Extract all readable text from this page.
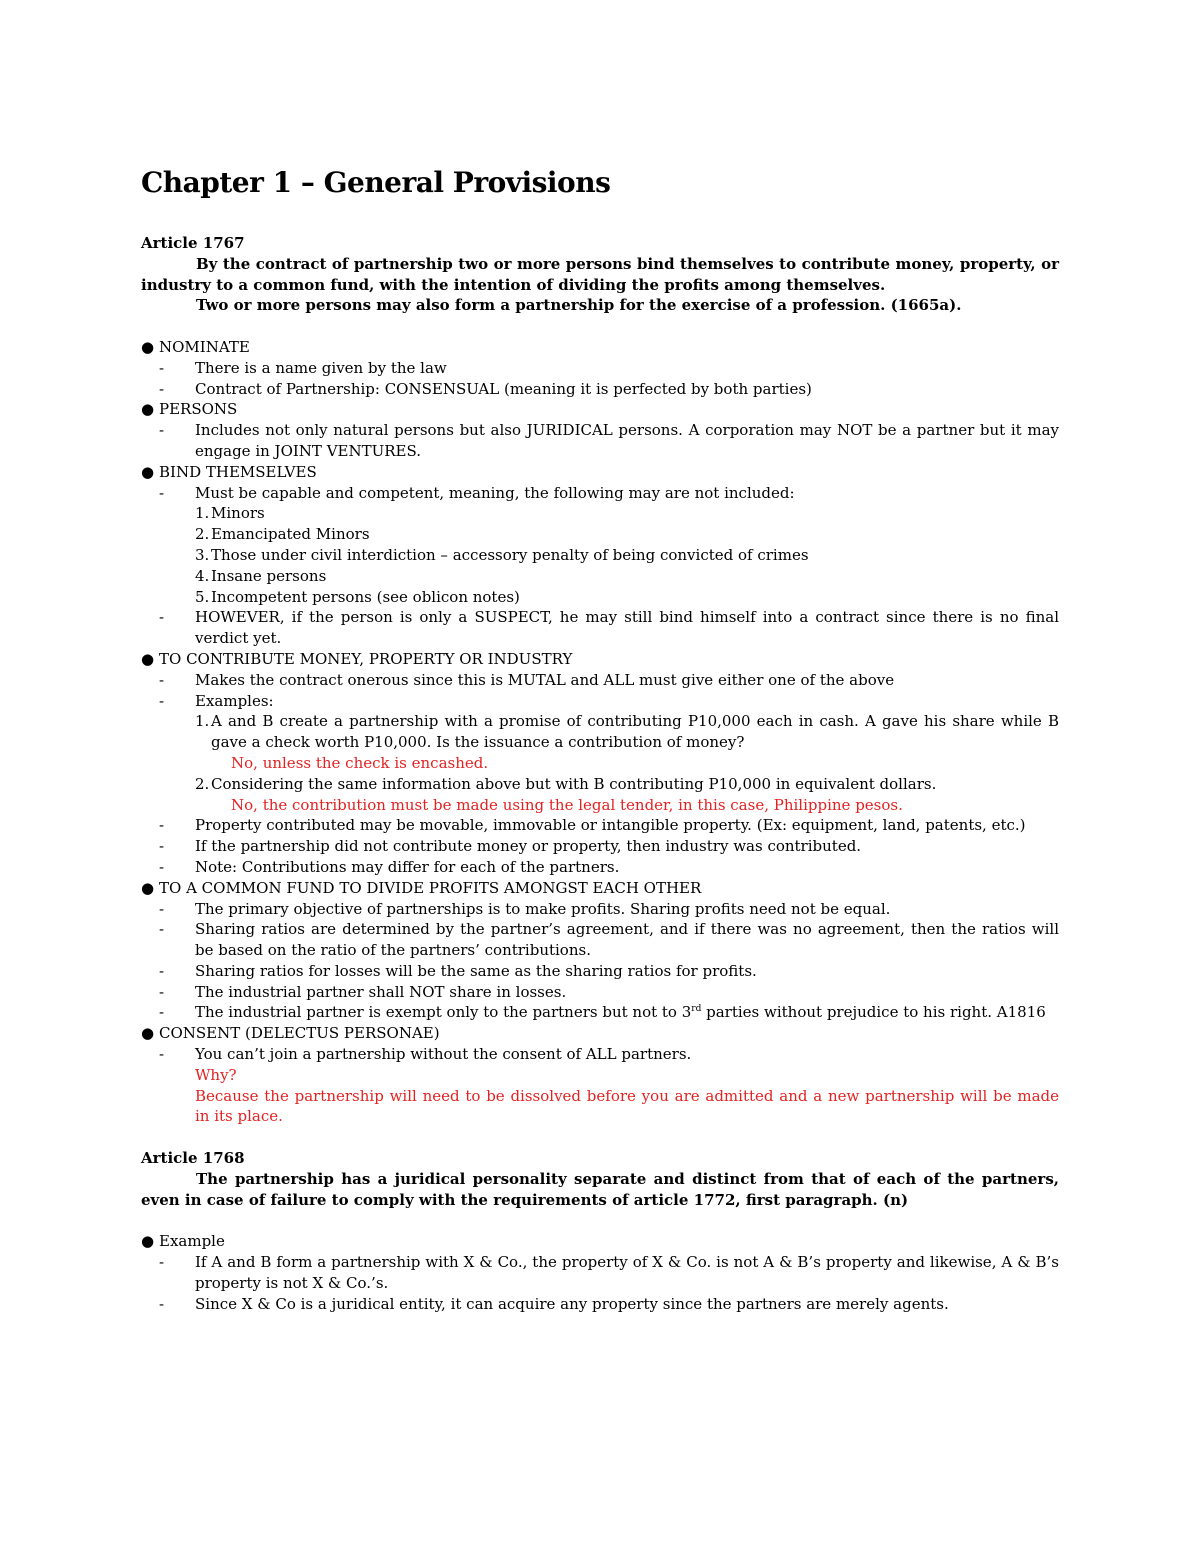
Chapter 1 – General Provisions

Article 1767

By the contract of partnership two or more persons bind themselves to contribute money, property, or industry to a common fund, with the intention of dividing the profits among themselves.

Two or more persons may also form a partnership for the exercise of a profession. (1665a).

● NOMINATE

- There is a name given by the law

- Contract of Partnership: CONSENSUAL (meaning it is perfected by both parties)

● PERSONS

- Includes not only natural persons but also JURIDICAL persons. A corporation may NOT be a partner but it may engage in JOINT VENTURES.

● BIND THEMSELVES

- Must be capable and competent, meaning, the following may are not included:

1. Minors

2. Emancipated Minors

3. Those under civil interdiction – accessory penalty of being convicted of crimes

4. Insane persons

5. Incompetent persons (see oblicon notes)

- HOWEVER, if the person is only a SUSPECT, he may still bind himself into a contract since there is no final verdict yet.

● TO CONTRIBUTE MONEY, PROPERTY OR INDUSTRY

- Makes the contract onerous since this is MUTAL and ALL must give either one of the above

- Examples:

1. A and B create a partnership with a promise of contributing P10,000 each in cash. A gave his share while B gave a check worth P10,000. Is the issuance a contribution of money?

No, unless the check is encashed.

2. Considering the same information above but with B contributing P10,000 in equivalent dollars.

No, the contribution must be made using the legal tender, in this case, Philippine pesos.

- Property contributed may be movable, immovable or intangible property. (Ex: equipment, land, patents, etc.)

- If the partnership did not contribute money or property, then industry was contributed.

- Note: Contributions may differ for each of the partners.

● TO A COMMON FUND TO DIVIDE PROFITS AMONGST EACH OTHER

- The primary objective of partnerships is to make profits. Sharing profits need not be equal.

- Sharing ratios are determined by the partner’s agreement, and if there was no agreement, then the ratios will be based on the ratio of the partners’ contributions.

- Sharing ratios for losses will be the same as the sharing ratios for profits.

- The industrial partner shall NOT share in losses.

- The industrial partner is exempt only to the partners but not to 3rd parties without prejudice to his right. A1816

● CONSENT (DELECTUS PERSONAE)

- You can’t join a partnership without the consent of ALL partners.

Why?

Because the partnership will need to be dissolved before you are admitted and a new partnership will be made in its place.

Article 1768

The partnership has a juridical personality separate and distinct from that of each of the partners, even in case of failure to comply with the requirements of article 1772, first paragraph. (n)

● Example

- If A and B form a partnership with X & Co., the property of X & Co. is not A & B’s property and likewise, A & B’s property is not X & Co.’s.

- Since X & Co is a juridical entity, it can acquire any property since the partners are merely agents.
